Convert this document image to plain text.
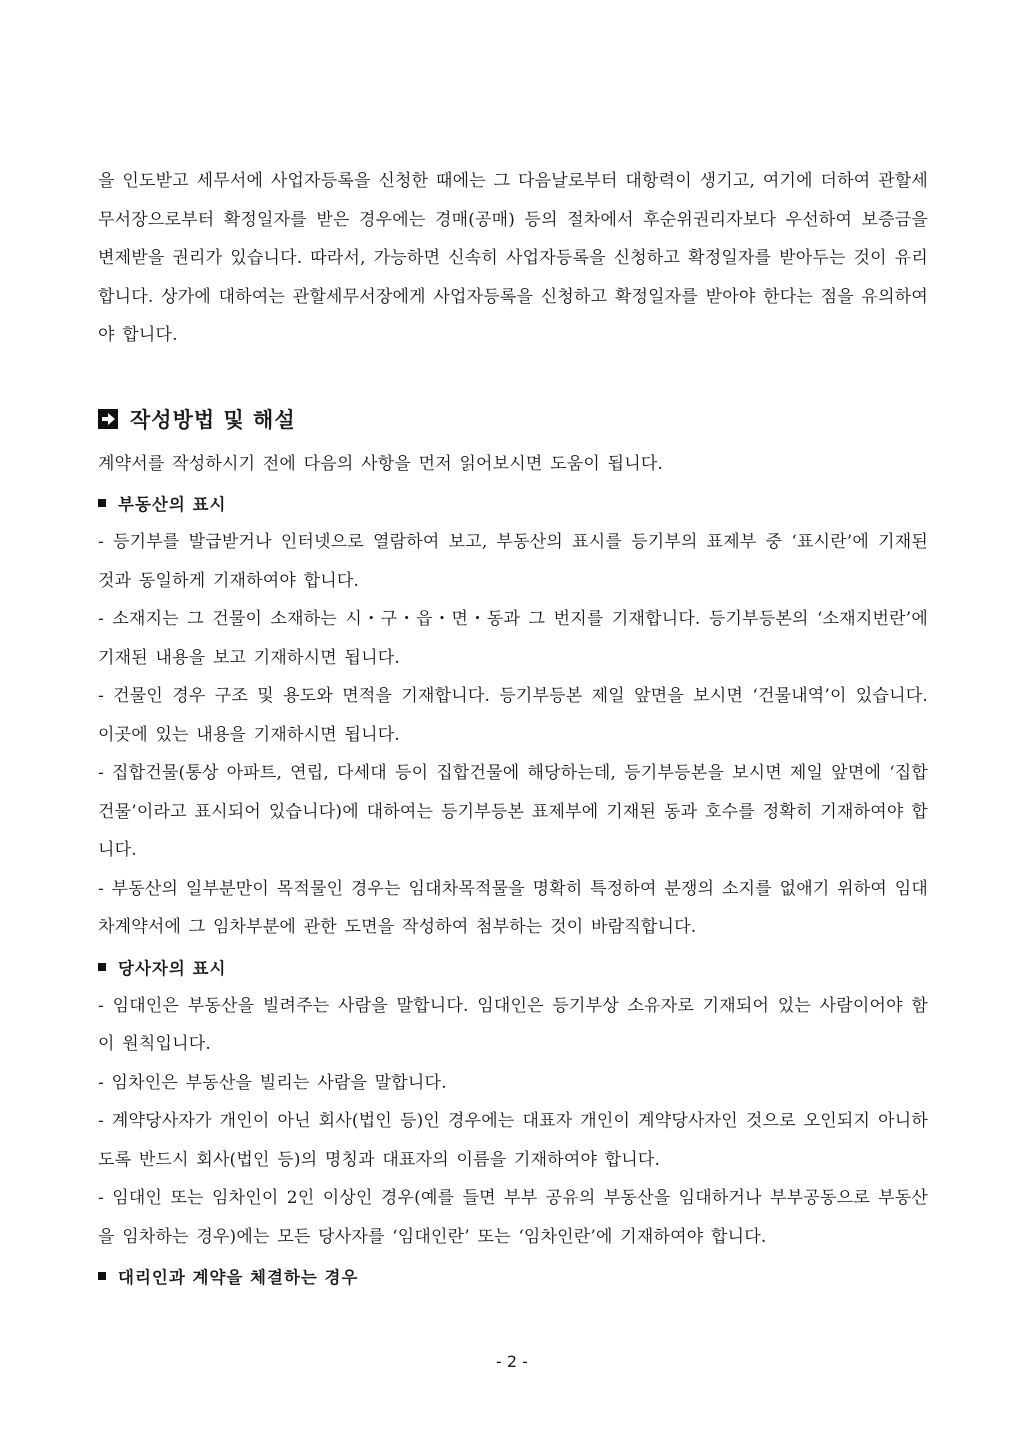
을 인도받고 세무서에 사업자등록을 신청한 때에는 그 다음날로부터 대항력이 생기고, 여기에 더하여 관할세무서장으로부터 확정일자를 받은 경우에는 경매(공매) 등의 절차에서 후순위권리자보다 우선하여 보증금을 변제받을 권리가 있습니다. 따라서, 가능하면 신속히 사업자등록을 신청하고 확정일자를 받아두는 것이 유리합니다. 상가에 대하여는 관할세무서장에게 사업자등록을 신청하고 확정일자를 받아야 한다는 점을 유의하여야 합니다.

작성방법 및 해설

계약서를 작성하시기 전에 다음의 사항을 먼저 읽어보시면 도움이 됩니다.

부동산의 표시

- 등기부를 발급받거나 인터넷으로 열람하여 보고, 부동산의 표시를 등기부의 표제부 중 ‘표시란’에 기재된 것과 동일하게 기재하여야 합니다.

- 소재지는 그 건물이 소재하는 시・구・읍・면・동과 그 번지를 기재합니다. 등기부등본의 ‘소재지번란’에 기재된 내용을 보고 기재하시면 됩니다.

- 건물인 경우 구조 및 용도와 면적을 기재합니다. 등기부등본 제일 앞면을 보시면 ‘건물내역’이 있습니다. 이곳에 있는 내용을 기재하시면 됩니다.

- 집합건물(통상 아파트, 연립, 다세대 등이 집합건물에 해당하는데, 등기부등본을 보시면 제일 앞면에 ‘집합건물’이라고 표시되어 있습니다)에 대하여는 등기부등본 표제부에 기재된 동과 호수를 정확히 기재하여야 합니다.

- 부동산의 일부분만이 목적물인 경우는 임대차목적물을 명확히 특정하여 분쟁의 소지를 없애기 위하여 임대차계약서에 그 임차부분에 관한 도면을 작성하여 첨부하는 것이 바람직합니다.

당사자의 표시

- 임대인은 부동산을 빌려주는 사람을 말합니다. 임대인은 등기부상 소유자로 기재되어 있는 사람이어야 함이 원칙입니다.

- 임차인은 부동산을 빌리는 사람을 말합니다.

- 계약당사자가 개인이 아닌 회사(법인 등)인 경우에는 대표자 개인이 계약당사자인 것으로 오인되지 아니하도록 반드시 회사(법인 등)의 명칭과 대표자의 이름을 기재하여야 합니다.

- 임대인 또는 임차인이 2인 이상인 경우(예를 들면 부부 공유의 부동산을 임대하거나 부부공동으로 부동산을 임차하는 경우)에는 모든 당사자를 ‘임대인란’ 또는 ‘임차인란’에 기재하여야 합니다.

대리인과 계약을 체결하는 경우
- 2 -
